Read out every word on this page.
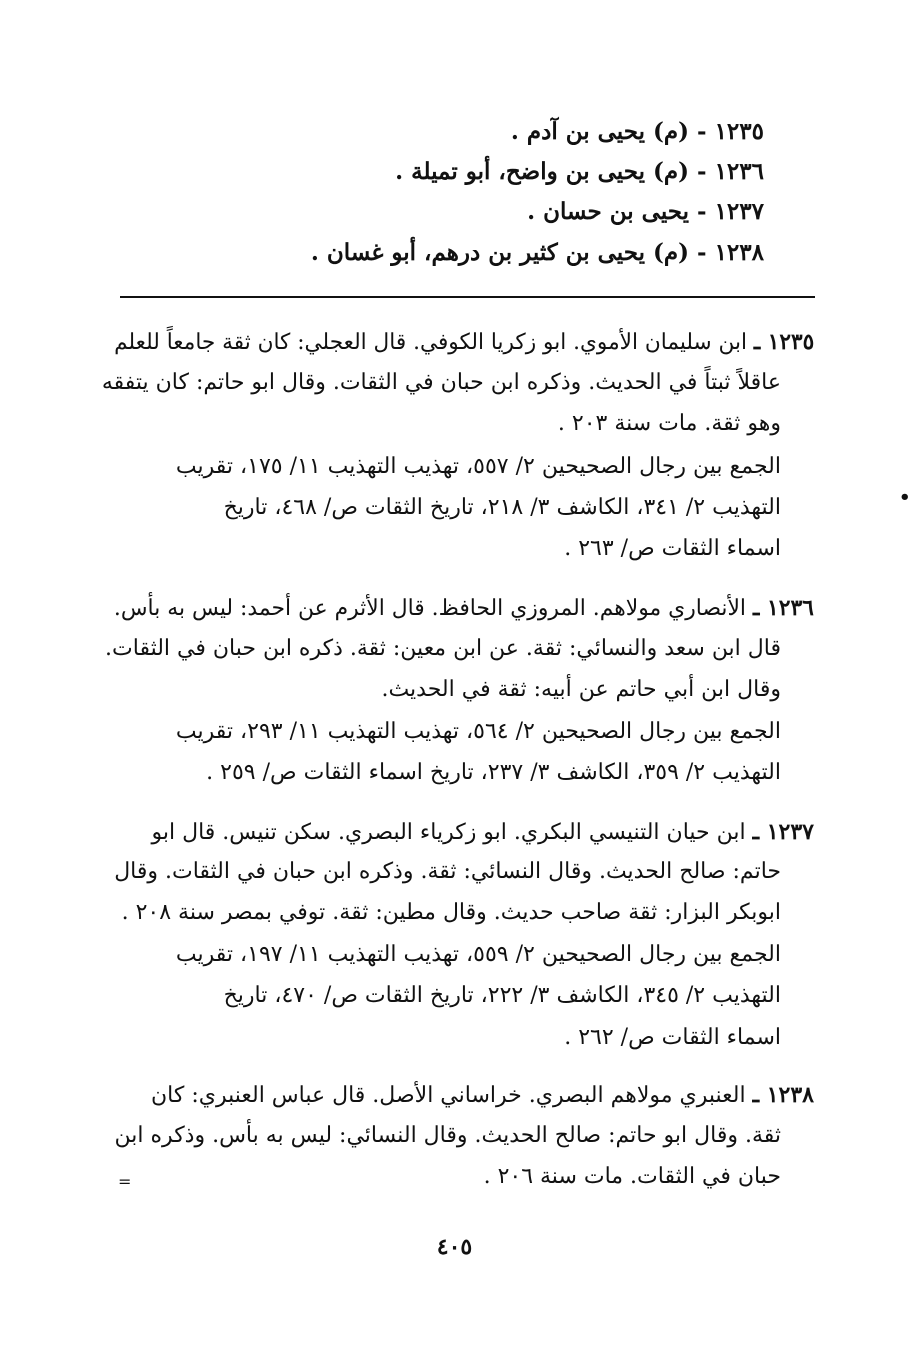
١٢٣٥ - (م) يحيى بن آدم .
١٢٣٦ - (م) يحيى بن واضح، أبو تميلة .
١٢٣٧ - يحيى بن حسان .
١٢٣٨ - (م) يحيى بن كثير بن درهم، أبو غسان .
١٢٣٥ ـ ابن سليمان الأموي. ابو زكريا الكوفي. قال العجلي: كان ثقة جامعاً للعلم
عاقلاً ثبتاً في الحديث. وذكره ابن حبان في الثقات. وقال ابو حاتم: كان يتفقه
وهو ثقة. مات سنة ٢٠٣ .
الجمع بين رجال الصحيحين ٢/ ٥٥٧، تهذيب التهذيب ١١/ ١٧٥، تقريب
التهذيب ٢/ ٣٤١، الكاشف ٣/ ٢١٨، تاريخ الثقات ص/ ٤٦٨، تاريخ
اسماء الثقات ص/ ٢٦٣ .
١٢٣٦ ـ الأنصاري مولاهم. المروزي الحافظ. قال الأثرم عن أحمد: ليس به بأس.
قال ابن سعد والنسائي: ثقة. عن ابن معين: ثقة. ذكره ابن حبان في الثقات.
وقال ابن أبي حاتم عن أبيه: ثقة في الحديث.
الجمع بين رجال الصحيحين ٢/ ٥٦٤، تهذيب التهذيب ١١/ ٢٩٣، تقريب
التهذيب ٢/ ٣٥٩، الكاشف ٣/ ٢٣٧، تاريخ اسماء الثقات ص/ ٢٥٩ .
١٢٣٧ ـ ابن حيان التنيسي البكري. ابو زكرياء البصري. سكن تنيس. قال ابو
حاتم: صالح الحديث. وقال النسائي: ثقة. وذكره ابن حبان في الثقات. وقال
ابوبكر البزار: ثقة صاحب حديث. وقال مطين: ثقة. توفي بمصر سنة ٢٠٨ .
الجمع بين رجال الصحيحين ٢/ ٥٥٩، تهذيب التهذيب ١١/ ١٩٧، تقريب
التهذيب ٢/ ٣٤٥، الكاشف ٣/ ٢٢٢، تاريخ الثقات ص/ ٤٧٠، تاريخ
اسماء الثقات ص/ ٢٦٢ .
١٢٣٨ ـ العنبري مولاهم البصري. خراساني الأصل. قال عباس العنبري: كان
ثقة. وقال ابو حاتم: صالح الحديث. وقال النسائي: ليس به بأس. وذكره ابن
حبان في الثقات. مات سنة ٢٠٦ .
•
=
٤٠٥
